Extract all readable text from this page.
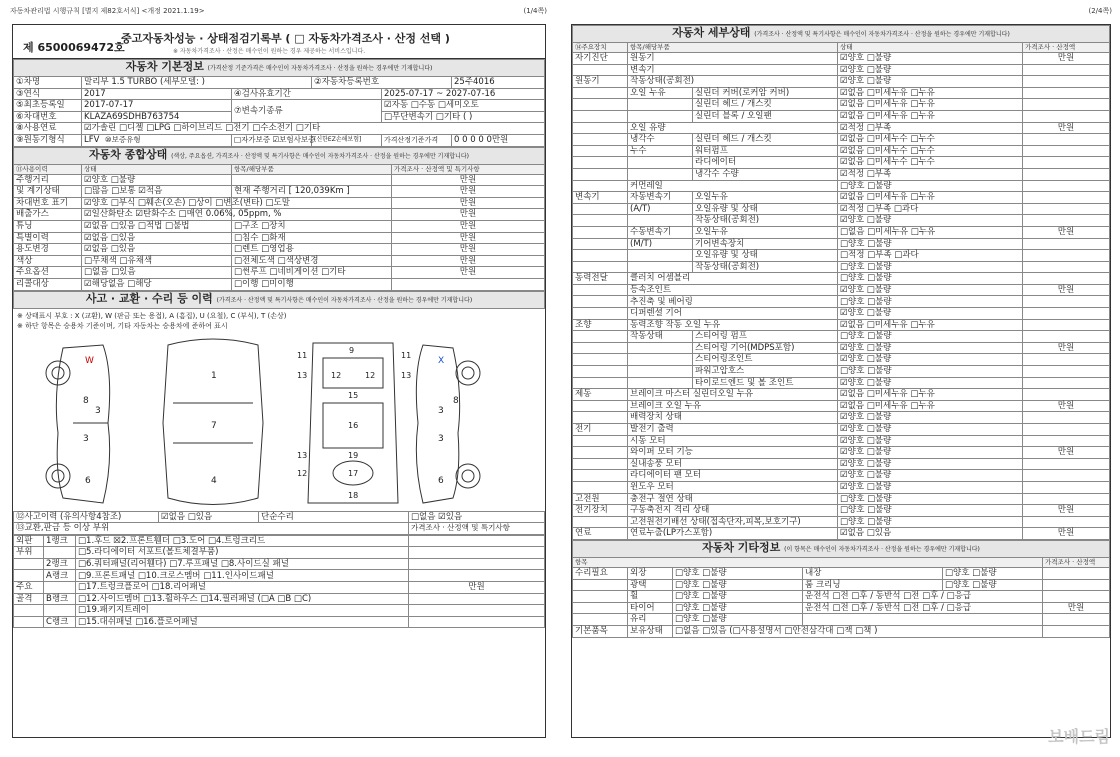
자동차관리법 시행규칙 [별지 제82호서식] <개정 2021.1.19>	(1/4쪽)
제 6500069472호
중고자동차성능 · 상태점검기록부 ( □ 자동차가격조사 · 산정 선택 )
※ 자동차가격조사 · 산정은 매수인이 원하는 경우 제공하는 서비스입니다.
자동차 기본정보 (가격산정 기준가격은 매수인이 자동차가격조사 · 산정을 원하는 경우에만 기재합니다)					
①차명	말리부 1.5 TURBO (세부모델: )		②자동차등록번호		25주4016
③연식	2017	④검사유효기간		2025-07-17 ~ 2027-07-16	
⑤최초등록일	2017-07-17	⑦변속기종류		☑자동 □수동 □세미오토	
⑥차대번호	KLAZA69SDHB763754			□무단변속기 □기타 ( )	
⑧사용연료	☑가솔린 □디젤 □LPG □하이브리드 □전기 □수소전기 □기타				
⑨원동기형식	LFV ⑩보증유형	□자가보증 ☑보험사보증	[신한EZ손해보험]	가격산정기준가격	0 0 0 0 0만원
자동차 종합상태 (색상, 주요옵션, 가격조사 · 산정액 및 특기사항은 매수인이 자동차가격조사 · 산정을 원하는 경우에만 기재합니다)			
⑪사용이력	상태	항목/해당부품	가격조사 · 산정액 및 특기사항
주행거리	☑양호 □불량		만원
및 계기상태	□많음 □보통 ☑적음	현재 주행거리 [ 120,039Km ]	만원
차대번호 표기	☑양호 □부식 □훼손(오손) □상이 □변조(변타) □도말		만원
배출가스	☑일산화탄소 ☑탄화수소 □매연 0.06%, 05ppm, %		만원
튜닝	☑없음 □있음 □적법 □불법	□구조 □장치	만원
특별이력	☑없음 □있음	□침수 □화재	만원
용도변경	☑없음 □있음	□렌트 □영업용	만원
색상	□무채색 □유채색	□전체도색 □색상변경	만원
주요옵션	□없음 □있음	□썬루프 □네비게이션 □기타	만원
리콜대상	☑해당없음 □해당	□이행 □미이행	
사고 · 교환 · 수리 등 이력 (가격조사 · 산정액 및 특기사항은 매수인이 자동차가격조사 · 산정을 원하는 경우에만 기재합니다)
※ 상태표시 부호 : X (교환), W (판금 또는 용접), A (흠집), U (요철), C (부식), T (손상)
※ 하단 항목은 승용차 기준이며, 기타 자동차는 승용차에 준하여 표시
W
8
3
3
6
1
7
4
9
11	11
13	13
12	12
15
16
13	19
12	17
18
X
3
8
3
6
⑫사고이력 (유의사항4참조)	☑없음 □있음	단순수리	□없음 ☑있음
⑬교환,판금 등 이상 부위			가격조사 · 산정액 및 특기사항
외판	1랭크	□1.후드 ☒2.프론트휀더 □3.도어 □4.트렁크리드	
부위		□5.라디에이터 서포트(볼트체결부품)	
	2랭크	□6.쿼터패널(리어휀다) □7.루프패널 □8.사이드실 패널	
	A랭크	□9.프론트패널 □10.크로스멤버 □11.인사이드패널	
주요		□17.트렁크플로어 □18.리어패널	만원
골격	B랭크	□12.사이드멤버 □13.휠하우스 □14.필러패널 (□A □B □C)	
		□19.패키지트레이	
	C랭크	□15.대쉬패널 □16.플로어패널	
(2/4쪽)
자동차 세부상태 (가격조사 · 산정액 및 특기사항은 매수인이 자동차가격조사 · 산정을 원하는 경우에만 기재합니다)				
⑭주요장치	항목/해당부품		상태	가격조사 · 산정액
자기진단	원동기		☑양호 □불량	만원
	변속기		☑양호 □불량	
원동기	작동상태(공회전)		☑양호 □불량	
	오일 누유	실린더 커버(로커암 커버)	☑없음 □미세누유 □누유	
		실린더 헤드 / 개스킷	☑없음 □미세누유 □누유	
		실린더 블록 / 오일팬	☑없음 □미세누유 □누유	
	오일 유량		☑적정 □부족	만원
	냉각수	실린더 헤드 / 개스킷	☑없음 □미세누수 □누수	
	누수	워터펌프	☑없음 □미세누수 □누수	
		라디에이터	☑없음 □미세누수 □누수	
		냉각수 수량	☑적정 □부족	
	커먼레일		□양호 □불량	
변속기	자동변속기	오일누유	☑없음 □미세누유 □누유	
	(A/T)	오일유량 및 상태	☑적정 □부족 □과다	
		작동상태(공회전)	☑양호 □불량	
	수동변속기	오일누유	□없음 □미세누유 □누유	만원
	(M/T)	기어변속장치	□양호 □불량	
		오일유량 및 상태	□적정 □부족 □과다	
		작동상태(공회전)	□양호 □불량	
동력전달	클러치 어셈블리		□양호 □불량	
	등속조인트		☑양호 □불량	만원
	추진축 및 베어링		□양호 □불량	
	디퍼렌셜 기어		☑양호 □불량	
조향	동력조향 작동 오일 누유		☑없음 □미세누유 □누유	
	작동상태	스티어링 펌프	□양호 □불량	
		스티어링 기어(MDPS포함)	☑양호 □불량	만원
		스티어링조인트	☑양호 □불량	
		파워고압호스	□양호 □불량	
		타이로드엔드 및 볼 조인트	☑양호 □불량	
제동	브레이크 마스터 실린더오일 누유		☑없음 □미세누유 □누유	
	브레이크 오일 누유		☑없음 □미세누유 □누유	만원
	배력장치 상태		☑양호 □불량	
전기	발전기 출력		☑양호 □불량	
	시동 모터		☑양호 □불량	
	와이퍼 모터 기능		☑양호 □불량	만원
	실내송풍 모터		☑양호 □불량	
	라디에이터 팬 모터		☑양호 □불량	
	윈도우 모터		☑양호 □불량	
고전원	충전구 절연 상태		□양호 □불량	
전기장치	구동축전지 격리 상태		□양호 □불량	만원
	고전원전기배선 상태(접속단자,피복,보호기구)		□양호 □불량	
연료	연료누출(LP가스포함)		☑없음 □있음	만원
자동차 기타정보 (이 항목은 매수인이 자동차가격조사 · 산정을 원하는 경우에만 기재합니다)					
항목					가격조사 · 산정액
수리필요	외장	□양호 □불량	내장	□양호 □불량	
	광택	□양호 □불량	룸 크리닝	□양호 □불량	
	휠	□양호 □불량	운전석 □전 □후 / 동반석 □전 □후 / □응급		
	타이어	□양호 □불량	운전석 □전 □후 / 동반석 □전 □후 / □응급		만원
	유리	□양호 □불량			
기본품목	보유상태	□없음 □있음 (□사용설명서 □안전삼각대 □잭 □책 )			
보배드림
